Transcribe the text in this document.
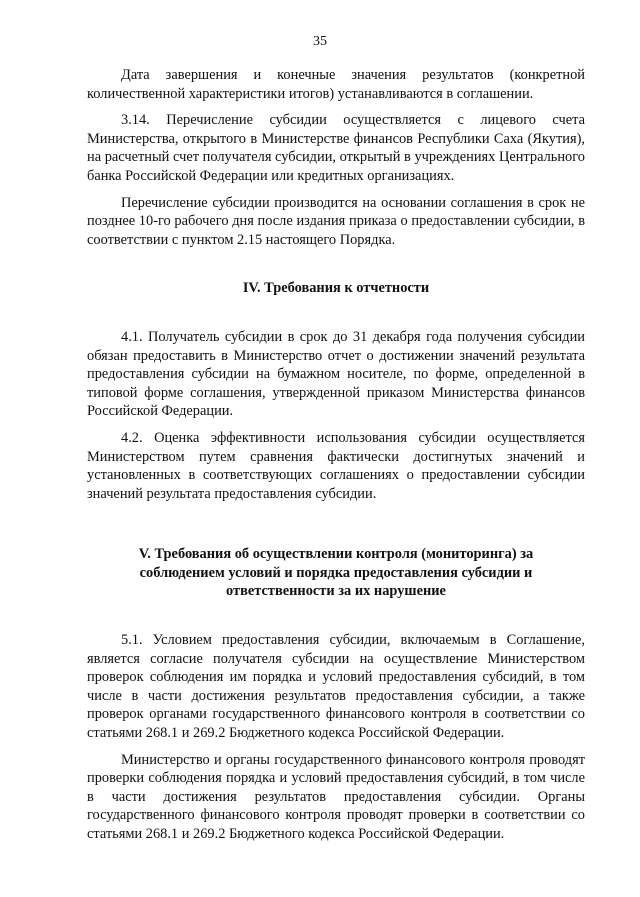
35

Дата завершения и конечные значения результатов (конкретной количественной характеристики итогов) устанавливаются в соглашении.

3.14. Перечисление субсидии осуществляется с лицевого счета Министерства, открытого в Министерстве финансов Республики Саха (Якутия), на расчетный счет получателя субсидии, открытый в учреждениях Центрального банка Российской Федерации или кредитных организациях.

Перечисление субсидии производится на основании соглашения в срок не позднее 10-го рабочего дня после издания приказа о предоставлении субсидии, в соответствии с пунктом 2.15 настоящего Порядка.

IV. Требования к отчетности

4.1. Получатель субсидии в срок до 31 декабря года получения субсидии обязан предоставить в Министерство отчет о достижении значений результата предоставления субсидии на бумажном носителе, по форме, определенной в типовой форме соглашения, утвержденной приказом Министерства финансов Российской Федерации.

4.2. Оценка эффективности использования субсидии осуществляется Министерством путем сравнения фактически достигнутых значений и установленных в соответствующих соглашениях о предоставлении субсидии значений результата предоставления субсидии.

V. Требования об осуществлении контроля (мониторинга) за соблюдением условий и порядка предоставления субсидии и ответственности за их нарушение

5.1. Условием предоставления субсидии, включаемым в Соглашение, является согласие получателя субсидии на осуществление Министерством проверок соблюдения им порядка и условий предоставления субсидий, в том числе в части достижения результатов предоставления субсидии, а также проверок органами государственного финансового контроля в соответствии со статьями 268.1 и 269.2 Бюджетного кодекса Российской Федерации.

Министерство и органы государственного финансового контроля проводят проверки соблюдения порядка и условий предоставления субсидий, в том числе в части достижения результатов предоставления субсидии. Органы государственного финансового контроля проводят проверки в соответствии со статьями 268.1 и 269.2 Бюджетного кодекса Российской Федерации.
